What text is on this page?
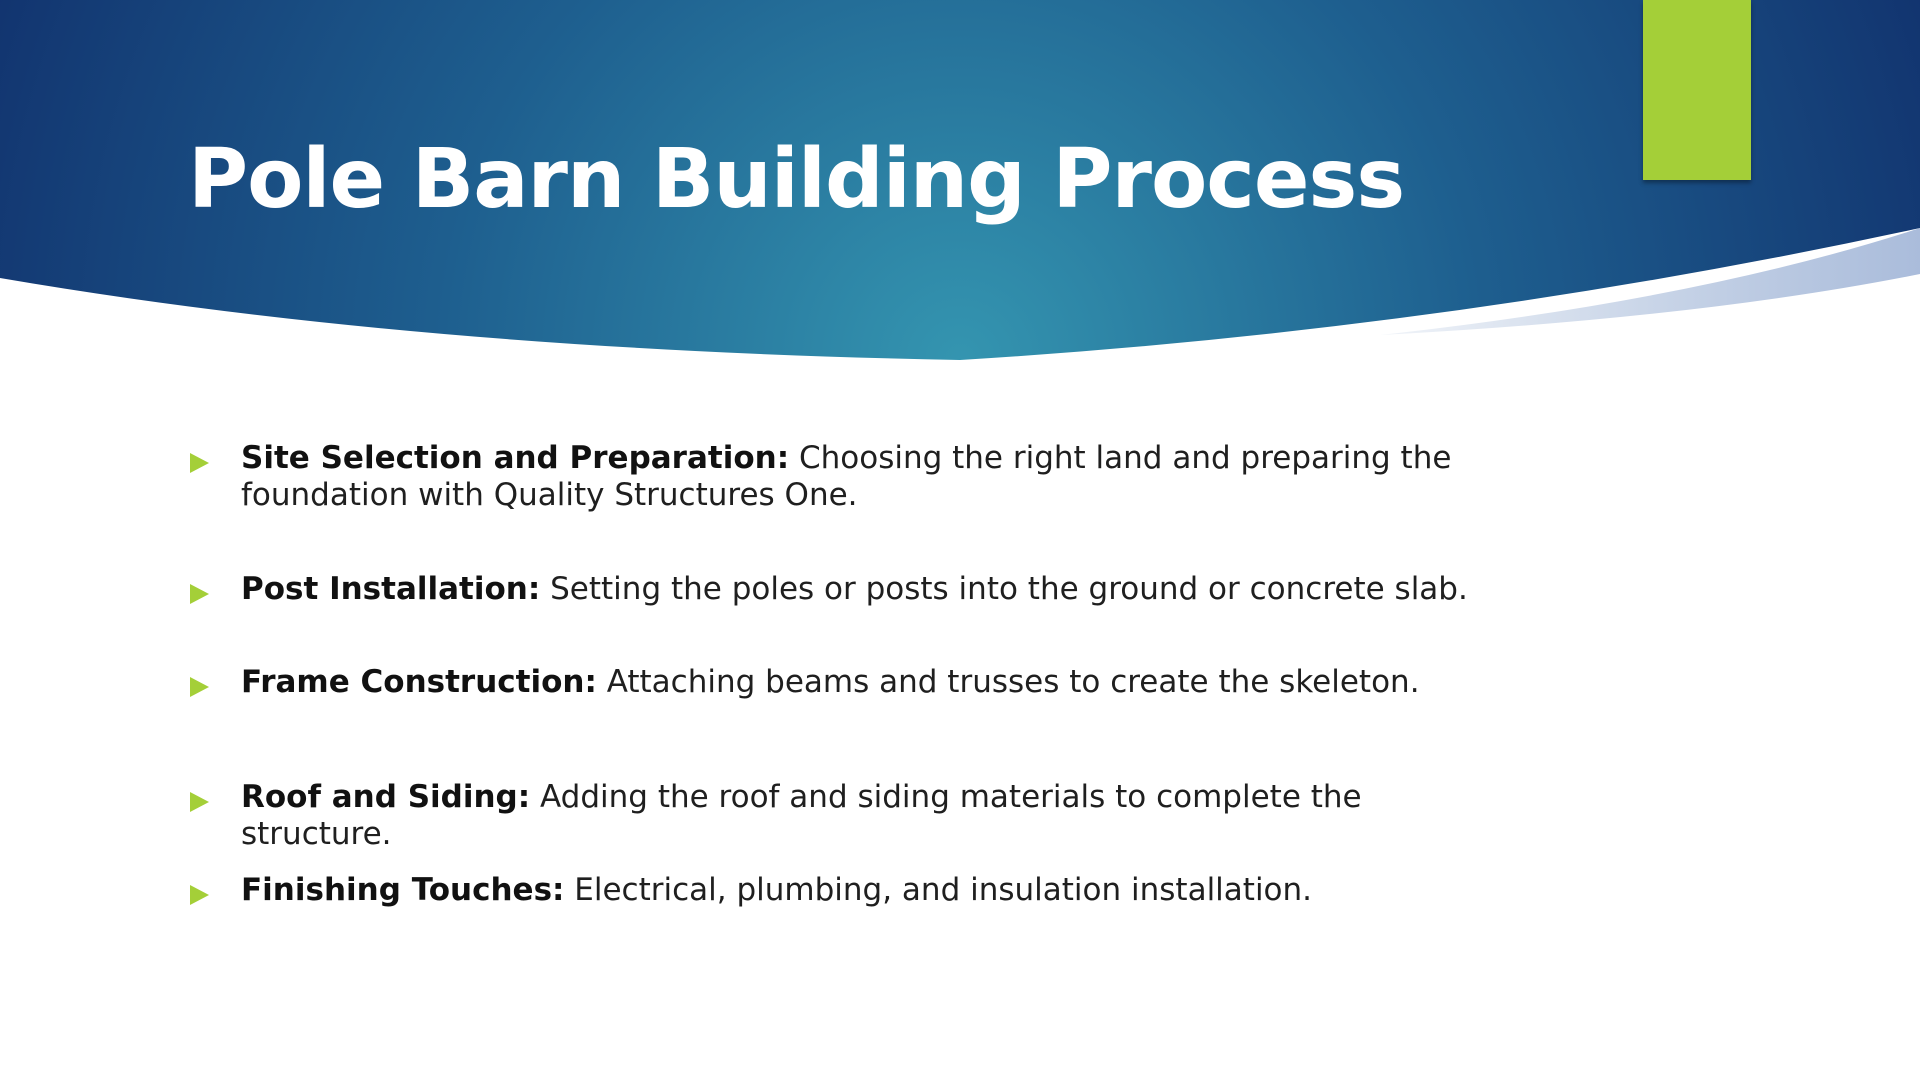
Pole Barn Building Process
Site Selection and Preparation: Choosing the right land and preparing the foundation with Quality Structures One.
Post Installation: Setting the poles or posts into the ground or concrete slab.
Frame Construction: Attaching beams and trusses to create the skeleton.
Roof and Siding: Adding the roof and siding materials to complete the structure.
Finishing Touches: Electrical, plumbing, and insulation installation.
